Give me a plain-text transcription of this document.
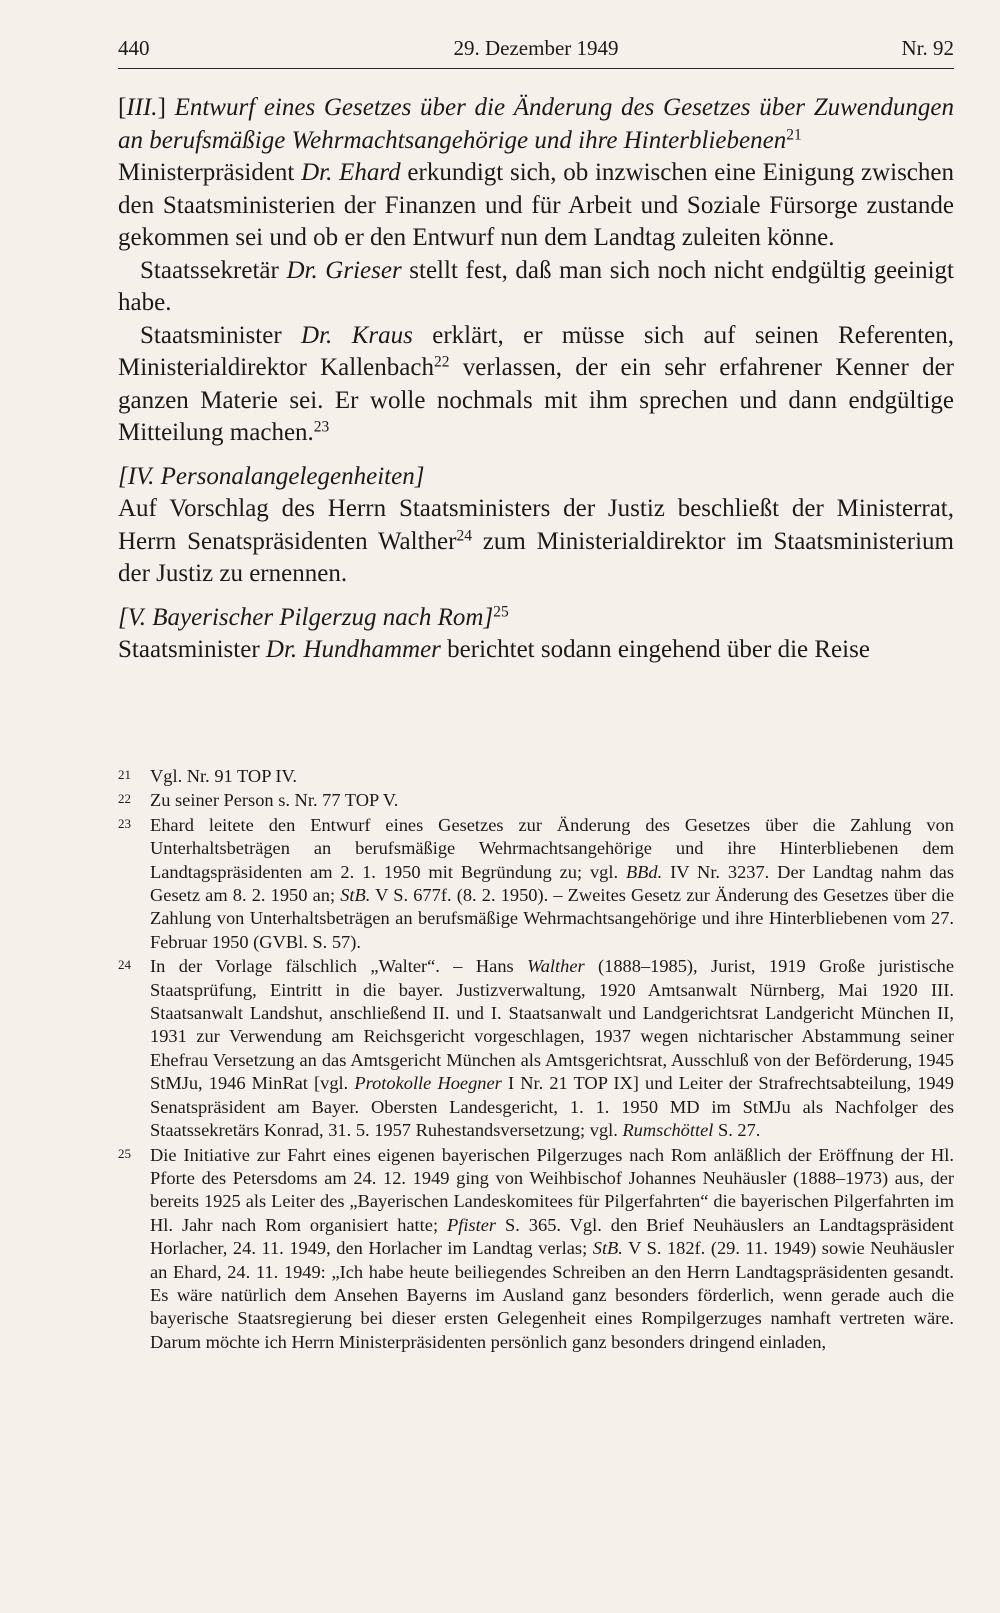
29. Dezember 1949
440	Nr. 92

[III.] Entwurf eines Gesetzes über die Änderung des Gesetzes über Zuwendungen an berufsmäßige Wehrmachtsangehörige und ihre Hinterbliebenen$^{21}$

Ministerpräsident Dr. Ehard erkundigt sich, ob inzwischen eine Einigung zwischen den Staatsministerien der Finanzen und für Arbeit und Soziale Fürsorge zustande gekommen sei und ob er den Entwurf nun dem Landtag zuleiten könne.

Staatssekretär Dr. Grieser stellt fest, daß man sich noch nicht endgültig geeinigt habe.

Staatsminister Dr. Kraus erklärt, er müsse sich auf seinen Referenten, Ministerialdirektor Kallenbach$^{22}$ verlassen, der ein sehr erfahrener Kenner der ganzen Materie sei. Er wolle nochmals mit ihm sprechen und dann endgültige Mitteilung machen.$^{23}$

[IV. Personalangelegenheiten]

Auf Vorschlag des Herrn Staatsministers der Justiz beschließt der Ministerrat, Herrn Senatspräsidenten Walther$^{24}$ zum Ministerialdirektor im Staatsministerium der Justiz zu ernennen.

[V. Bayerischer Pilgerzug nach Rom]$^{25}$

Staatsminister Dr. Hundhammer berichtet sodann eingehend über die Reise

21 Vgl. Nr. 91 TOP IV.

22 Zu seiner Person s. Nr. 77 TOP V.

23 Ehard leitete den Entwurf eines Gesetzes zur Änderung des Gesetzes über die Zahlung von Unterhaltsbeträgen an berufsmäßige Wehrmachtsangehörige und ihre Hinterbliebenen dem Landtagspräsidenten am 2. 1. 1950 mit Begründung zu; vgl. BBd. IV Nr. 3237. Der Landtag nahm das Gesetz am 8. 2. 1950 an; StB. V S. 677f. (8. 2. 1950). – Zweites Gesetz zur Änderung des Gesetzes über die Zahlung von Unterhaltsbeträgen an berufsmäßige Wehrmachtsangehörige und ihre Hinterbliebenen vom 27. Februar 1950 (GVBl. S. 57).

24 In der Vorlage fälschlich „Walter“. – Hans Walther (1888–1985), Jurist, 1919 Große juristische Staatsprüfung, Eintritt in die bayer. Justizverwaltung, 1920 Amtsanwalt Nürnberg, Mai 1920 III. Staatsanwalt Landshut, anschließend II. und I. Staatsanwalt und Landgerichtsrat Landgericht München II, 1931 zur Verwendung am Reichsgericht vorgeschlagen, 1937 wegen nichtarischer Abstammung seiner Ehefrau Versetzung an das Amtsgericht München als Amtsgerichtsrat, Ausschluß von der Beförderung, 1945 StMJu, 1946 MinRat [vgl. Protokolle Hoegner I Nr. 21 TOP IX] und Leiter der Strafrechtsabteilung, 1949 Senatspräsident am Bayer. Obersten Landesgericht, 1. 1. 1950 MD im StMJu als Nachfolger des Staatssekretärs Konrad, 31. 5. 1957 Ruhestandsversetzung; vgl. Rumschöttel S. 27.

25 Die Initiative zur Fahrt eines eigenen bayerischen Pilgerzuges nach Rom anläßlich der Eröffnung der Hl. Pforte des Petersdoms am 24. 12. 1949 ging von Weihbischof Johannes Neuhäusler (1888–1973) aus, der bereits 1925 als Leiter des „Bayerischen Landeskomitees für Pilgerfahrten“ die bayerischen Pilgerfahrten im Hl. Jahr nach Rom organisiert hatte; Pfister S. 365. Vgl. den Brief Neuhäuslers an Landtagspräsident Horlacher, 24. 11. 1949, den Horlacher im Landtag verlas; StB. V S. 182f. (29. 11. 1949) sowie Neuhäusler an Ehard, 24. 11. 1949: „Ich habe heute beiliegendes Schreiben an den Herrn Landtagspräsidenten gesandt. Es wäre natürlich dem Ansehen Bayerns im Ausland ganz besonders förderlich, wenn gerade auch die bayerische Staatsregierung bei dieser ersten Gelegenheit eines Rompilgerzuges namhaft vertreten wäre. Darum möchte ich Herrn Ministerpräsidenten persönlich ganz besonders dringend einladen,
